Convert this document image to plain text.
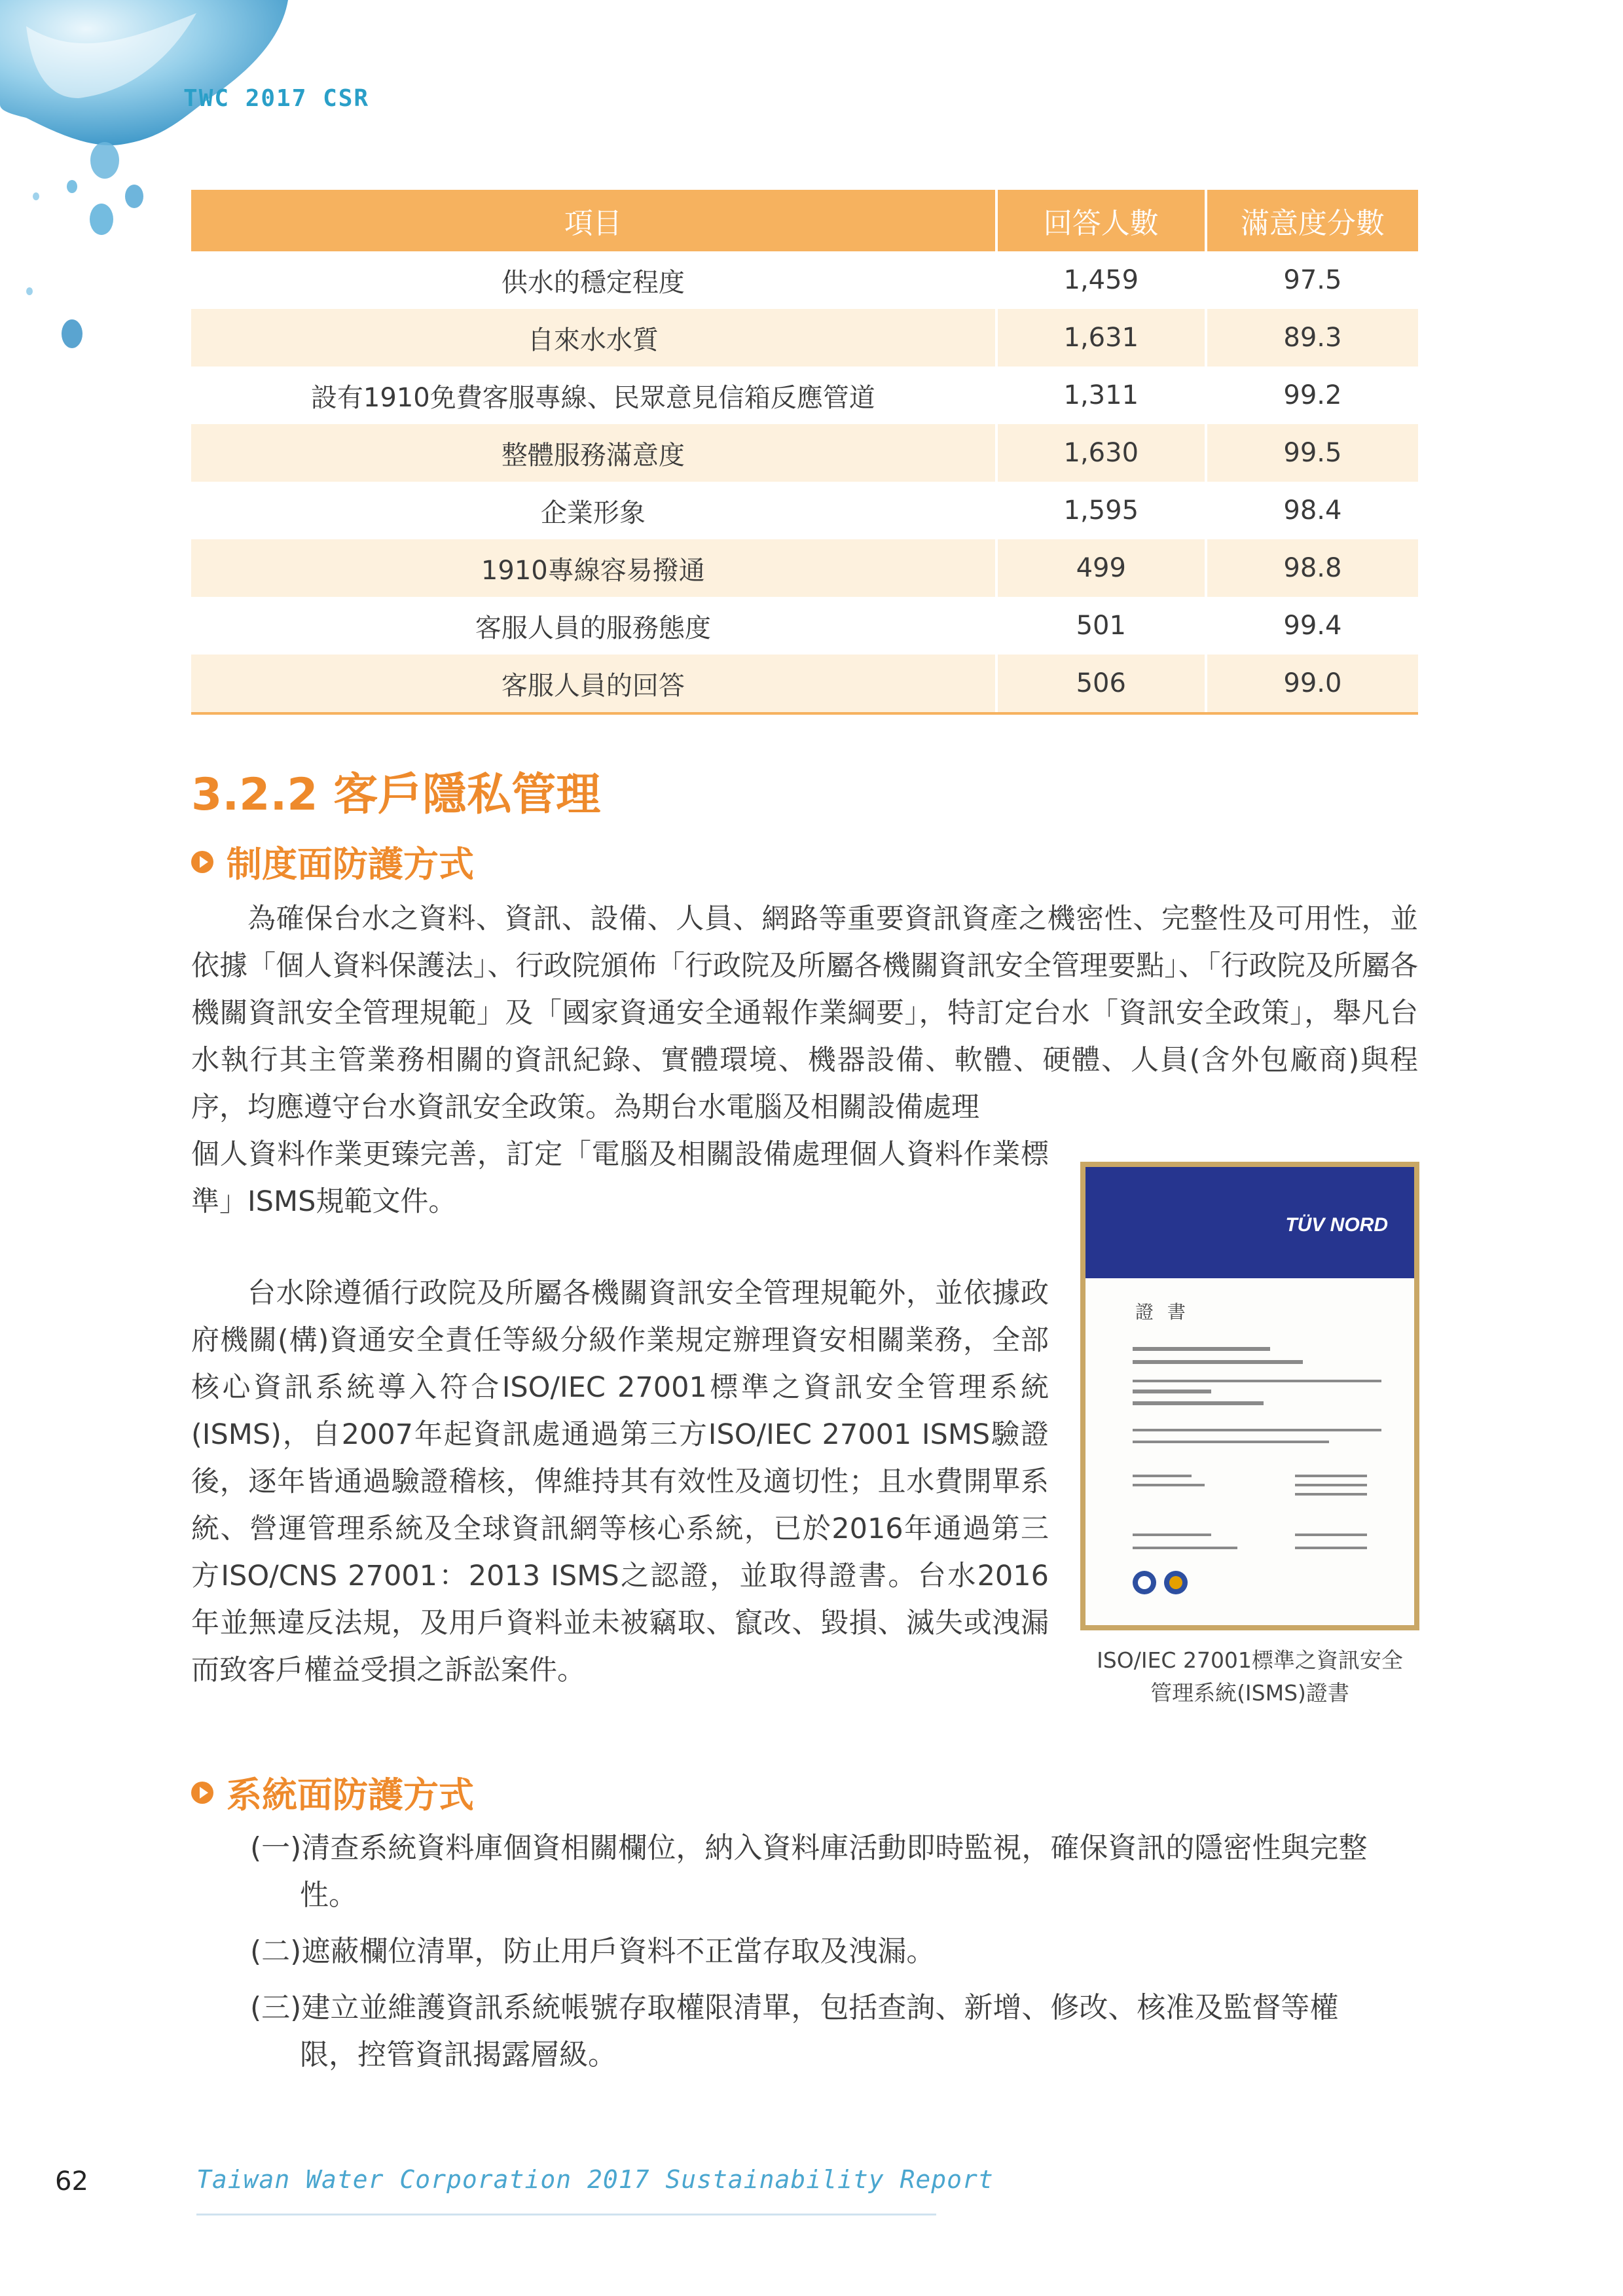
TWC 2017 CSR
項目	回答人數	滿意度分數
供水的穩定程度	1,459	97.5
自來水水質	1,631	89.3
設有1910免費客服專線、民眾意見信箱反應管道	1,311	99.2
整體服務滿意度	1,630	99.5
企業形象	1,595	98.4
1910專線容易撥通	499	98.8
客服人員的服務態度	501	99.4
客服人員的回答	506	99.0
3.2.2 客戶隱私管理
制度面防護方式

為確保台水之資料、資訊、設備、人員、網路等重要資訊資產之機密性、完整性及可用性，並依據「個人資料保護法」、行政院頒佈「行政院及所屬各機關資訊安全管理要點」、「行政院及所屬各機關資訊安全管理規範」及「國家資通安全通報作業綱要」，特訂定台水「資訊安全政策」，舉凡台水執行其主管業務相關的資訊紀錄、實體環境、機器設備、軟體、硬體、人員(含外包廠商)與程序，均應遵守台水資訊安全政策。為期台水電腦及相關設備處理

個人資料作業更臻完善，訂定「電腦及相關設備處理個人資料作業標準」ISMS規範文件。

台水除遵循行政院及所屬各機關資訊安全管理規範外，並依據政府機關(構)資通安全責任等級分級作業規定辦理資安相關業務，全部核心資訊系統導入符合ISO/IEC 27001標準之資訊安全管理系統(ISMS)，自2007年起資訊處通過第三方ISO/IEC 27001 ISMS驗證後，逐年皆通過驗證稽核，俾維持其有效性及適切性；且水費開單系統、營運管理系統及全球資訊網等核心系統，已於2016年通過第三方ISO/CNS 27001：2013 ISMS之認證，並取得證書。台水2016年並無違反法規，及用戶資料並未被竊取、竄改、毀損、滅失或洩漏而致客戶權益受損之訴訟案件。

TÜV NORD
證 書

ISO/IEC 27001標準之資訊安全
管理系統(ISMS)證書

系統面防護方式
(一)清查系統資料庫個資相關欄位，納入資料庫活動即時監視，確保資訊的隱密性與完整
性。
(二)遮蔽欄位清單，防止用戶資料不正當存取及洩漏。
(三)建立並維護資訊系統帳號存取權限清單，包括查詢、新增、修改、核准及監督等權
限，控管資訊揭露層級。
62	Taiwan Water Corporation 2017 Sustainability Report
